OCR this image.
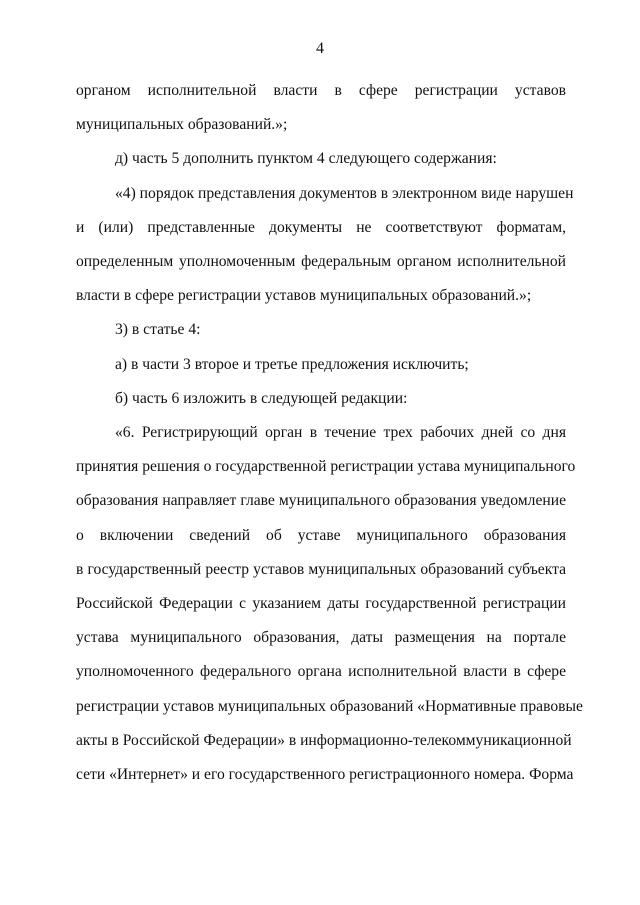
4

органом исполнительной власти в сфере регистрации уставов
муниципальных образований.»;

д) часть 5 дополнить пунктом 4 следующего содержания:

«4) порядок представления документов в электронном виде нарушен
и (или) представленные документы не соответствуют форматам,
определенным уполномоченным федеральным органом исполнительной
власти в сфере регистрации уставов муниципальных образований.»;

3) в статье 4:

а) в части 3 второе и третье предложения исключить;

б) часть 6 изложить в следующей редакции:

«6. Регистрирующий орган в течение трех рабочих дней со дня
принятия решения о государственной регистрации устава муниципального
образования направляет главе муниципального образования уведомление
о включении сведений об уставе муниципального образования
в государственный реестр уставов муниципальных образований субъекта
Российской Федерации с указанием даты государственной регистрации
устава муниципального образования, даты размещения на портале
уполномоченного федерального органа исполнительной власти в сфере
регистрации уставов муниципальных образований «Нормативные правовые
акты в Российской Федерации» в информационно-телекоммуникационной
сети «Интернет» и его государственного регистрационного номера. Форма
